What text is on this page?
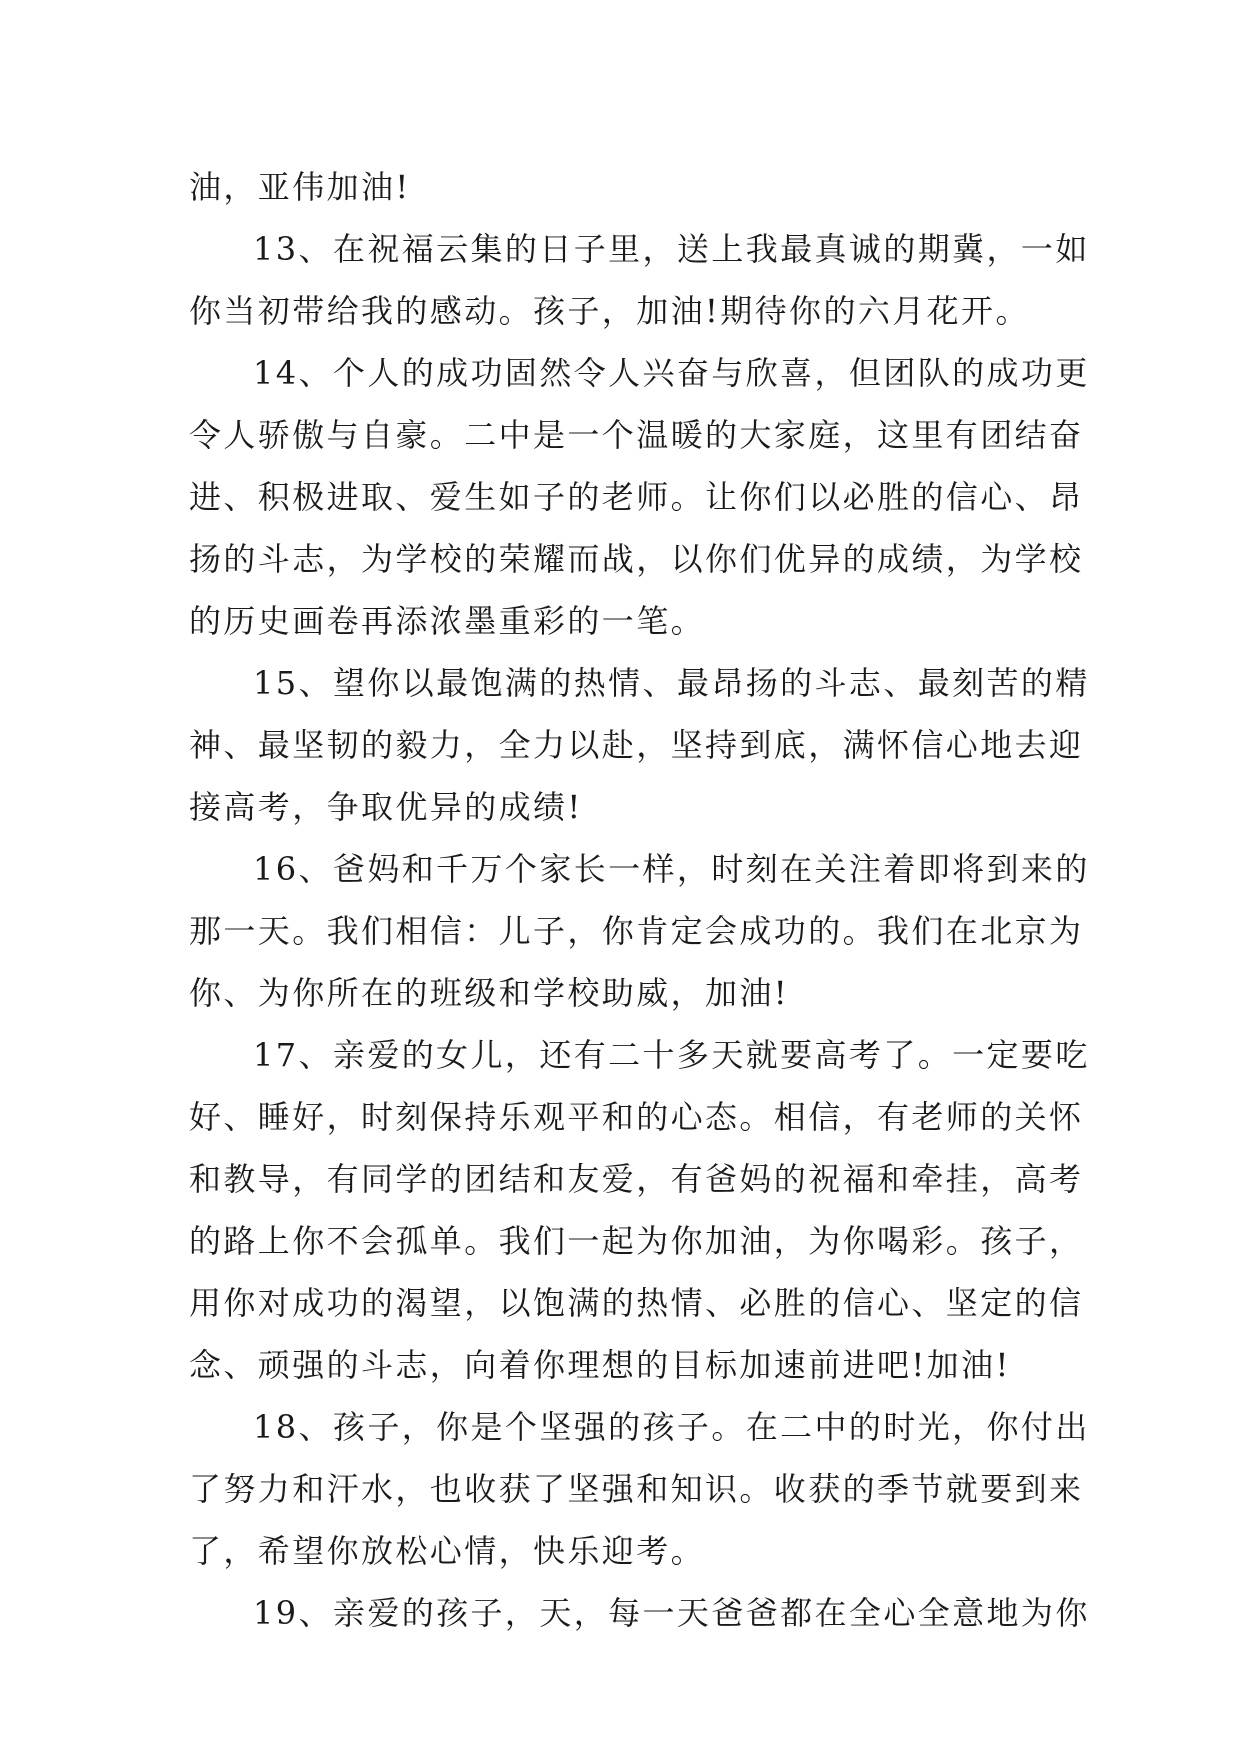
油，亚伟加油!
13、在祝福云集的日子里，送上我最真诚的期冀，一如
你当初带给我的感动。孩子，加油!期待你的六月花开。
14、个人的成功固然令人兴奋与欣喜，但团队的成功更
令人骄傲与自豪。二中是一个温暖的大家庭，这里有团结奋
进、积极进取、爱生如子的老师。让你们以必胜的信心、昂
扬的斗志，为学校的荣耀而战，以你们优异的成绩，为学校
的历史画卷再添浓墨重彩的一笔。
15、望你以最饱满的热情、最昂扬的斗志、最刻苦的精
神、最坚韧的毅力，全力以赴，坚持到底，满怀信心地去迎
接高考，争取优异的成绩!
16、爸妈和千万个家长一样，时刻在关注着即将到来的
那一天。我们相信：儿子，你肯定会成功的。我们在北京为
你、为你所在的班级和学校助威，加油!
17、亲爱的女儿，还有二十多天就要高考了。一定要吃
好、睡好，时刻保持乐观平和的心态。相信，有老师的关怀
和教导，有同学的团结和友爱，有爸妈的祝福和牵挂，高考
的路上你不会孤单。我们一起为你加油，为你喝彩。孩子，
用你对成功的渴望，以饱满的热情、必胜的信心、坚定的信
念、顽强的斗志，向着你理想的目标加速前进吧!加油!
18、孩子，你是个坚强的孩子。在二中的时光，你付出
了努力和汗水，也收获了坚强和知识。收获的季节就要到来
了，希望你放松心情，快乐迎考。
19、亲爱的孩子，天，每一天爸爸都在全心全意地为你
